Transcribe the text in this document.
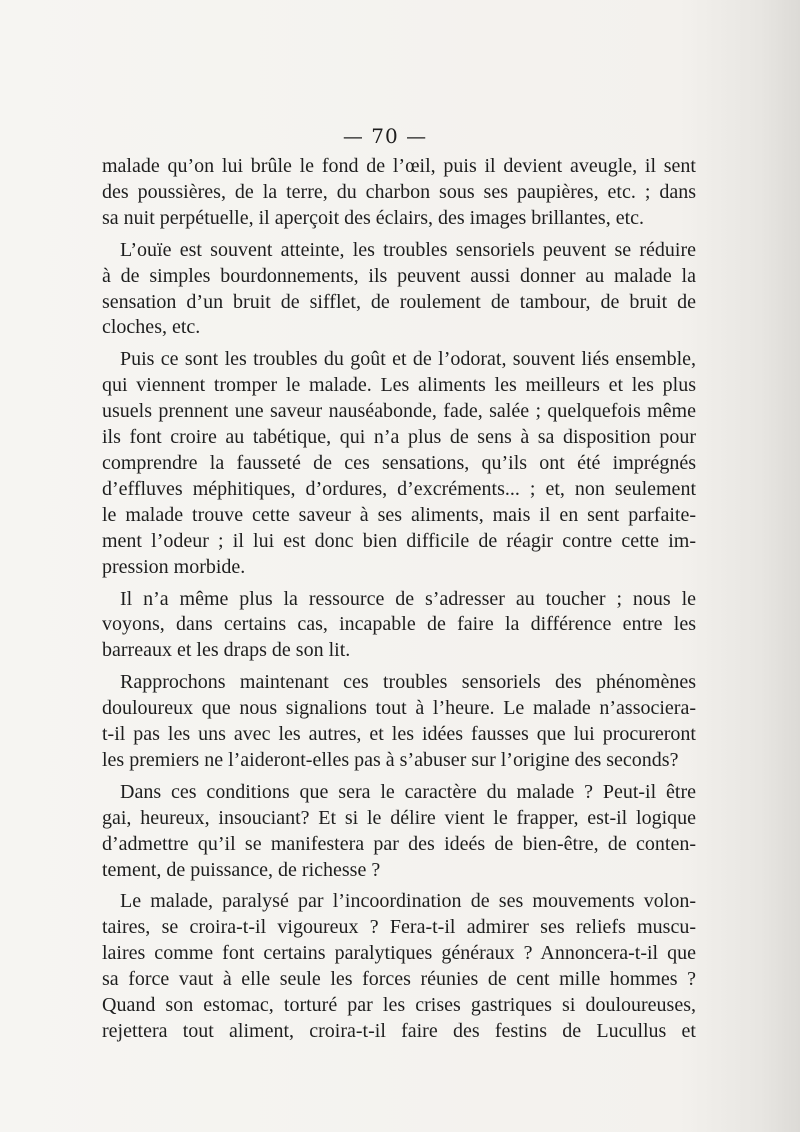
— 70 —

malade qu’on lui brûle le fond de l’œil, puis il devient aveugle, il sent
des poussières, de la terre, du charbon sous ses paupières, etc. ; dans
sa nuit perpétuelle, il aperçoit des éclairs, des images brillantes, etc.

L’ouïe est souvent atteinte, les troubles sensoriels peuvent se réduire
à de simples bourdonnements, ils peuvent aussi donner au malade la
sensation d’un bruit de sifflet, de roulement de tambour, de bruit de
cloches, etc.

Puis ce sont les troubles du goût et de l’odorat, souvent liés ensemble,
qui viennent tromper le malade. Les aliments les meilleurs et les plus
usuels prennent une saveur nauséabonde, fade, salée ; quelquefois même
ils font croire au tabétique, qui n’a plus de sens à sa disposition pour
comprendre la fausseté de ces sensations, qu’ils ont été imprégnés
d’effluves méphitiques, d’ordures, d’excréments... ; et, non seulement
le malade trouve cette saveur à ses aliments, mais il en sent parfaite-
ment l’odeur ; il lui est donc bien difficile de réagir contre cette im-
pression morbide.

Il n’a même plus la ressource de s’adresser au toucher ; nous le
voyons, dans certains cas, incapable de faire la différence entre les
barreaux et les draps de son lit.

Rapprochons maintenant ces troubles sensoriels des phénomènes
douloureux que nous signalions tout à l’heure. Le malade n’associera-
t-il pas les uns avec les autres, et les idées fausses que lui procureront
les premiers ne l’aideront-elles pas à s’abuser sur l’origine des seconds?

Dans ces conditions que sera le caractère du malade ? Peut-il être
gai, heureux, insouciant? Et si le délire vient le frapper, est-il logique
d’admettre qu’il se manifestera par des ideés de bien-être, de conten-
tement, de puissance, de richesse ?

Le malade, paralysé par l’incoordination de ses mouvements volon-
taires, se croira-t-il vigoureux ? Fera-t-il admirer ses reliefs muscu-
laires comme font certains paralytiques généraux ? Annoncera-t-il que
sa force vaut à elle seule les forces réunies de cent mille hommes ?
Quand son estomac, torturé par les crises gastriques si douloureuses,
rejettera tout aliment, croira-t-il faire des festins de Lucullus et
